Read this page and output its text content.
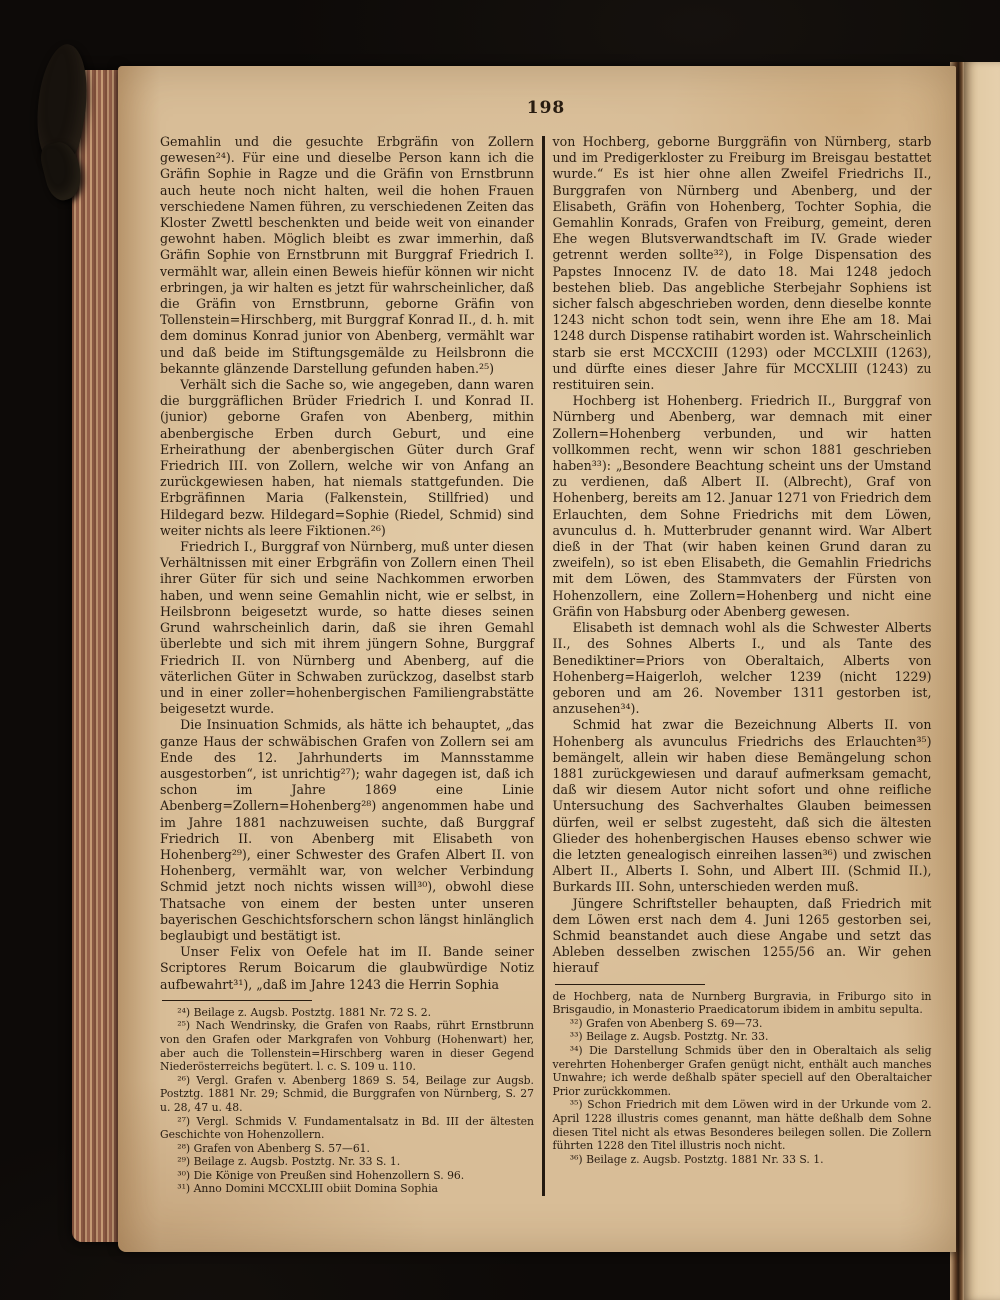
198

Gemahlin und die gesuchte Erbgräfin von Zollern gewesen²⁴). Für eine und dieselbe Person kann ich die Gräfin Sophie in Ragze und die Gräfin von Ernstbrunn auch heute noch nicht halten, weil die hohen Frauen verschiedene Namen führen, zu verschiedenen Zeiten das Kloster Zwettl beschenkten und beide weit von einander gewohnt haben. Möglich bleibt es zwar immerhin, daß Gräfin Sophie von Ernstbrunn mit Burggraf Friedrich I. vermählt war, allein einen Beweis hiefür können wir nicht erbringen, ja wir halten es jetzt für wahrscheinlicher, daß die Gräfin von Ernstbrunn, geborne Gräfin von Tollenstein=Hirschberg, mit Burggraf Konrad II., d. h. mit dem dominus Konrad junior von Abenberg, vermählt war und daß beide im Stiftungsgemälde zu Heilsbronn die bekannte glänzende Darstellung gefunden haben.²⁵)

Verhält sich die Sache so, wie angegeben, dann waren die burggräflichen Brüder Friedrich I. und Konrad II. (junior) geborne Grafen von Abenberg, mithin abenbergische Erben durch Geburt, und eine Erheirathung der abenbergischen Güter durch Graf Friedrich III. von Zollern, welche wir von Anfang an zurückgewiesen haben, hat niemals stattgefunden. Die Erbgräfinnen Maria (Falkenstein, Stillfried) und Hildegard bezw. Hildegard=Sophie (Riedel, Schmid) sind weiter nichts als leere Fiktionen.²⁶)

Friedrich I., Burggraf von Nürnberg, muß unter diesen Verhältnissen mit einer Erbgräfin von Zollern einen Theil ihrer Güter für sich und seine Nachkommen erworben haben, und wenn seine Gemahlin nicht, wie er selbst, in Heilsbronn beigesetzt wurde, so hatte dieses seinen Grund wahrscheinlich darin, daß sie ihren Gemahl überlebte und sich mit ihrem jüngern Sohne, Burggraf Friedrich II. von Nürnberg und Abenberg, auf die väterlichen Güter in Schwaben zurückzog, daselbst starb und in einer zoller=hohenbergischen Familiengrabstätte beigesetzt wurde.

Die Insinuation Schmids, als hätte ich behauptet, „das ganze Haus der schwäbischen Grafen von Zollern sei am Ende des 12. Jahrhunderts im Mannsstamme ausgestorben“, ist unrichtig²⁷); wahr dagegen ist, daß ich schon im Jahre 1869 eine Linie Abenberg=Zollern=Hohenberg²⁸) angenommen habe und im Jahre 1881 nachzuweisen suchte, daß Burggraf Friedrich II. von Abenberg mit Elisabeth von Hohenberg²⁹), einer Schwester des Grafen Albert II. von Hohenberg, vermählt war, von welcher Verbindung Schmid jetzt noch nichts wissen will³⁰), obwohl diese Thatsache von einem der besten unter unseren bayerischen Geschichtsforschern schon längst hinlänglich beglaubigt und bestätigt ist.

Unser Felix von Oefele hat im II. Bande seiner Scriptores Rerum Boicarum die glaubwürdige Notiz aufbewahrt³¹), „daß im Jahre 1243 die Herrin Sophia

²⁴) Beilage z. Augsb. Postztg. 1881 Nr. 72 S. 2.

²⁵) Nach Wendrinsky, die Grafen von Raabs, rührt Ernstbrunn von den Grafen oder Markgrafen von Vohburg (Hohenwart) her, aber auch die Tollenstein=Hirschberg waren in dieser Gegend Niederösterreichs begütert. l. c. S. 109 u. 110.

²⁶) Vergl. Grafen v. Abenberg 1869 S. 54, Beilage zur Augsb. Postztg. 1881 Nr. 29; Schmid, die Burggrafen von Nürnberg, S. 27 u. 28, 47 u. 48.

²⁷) Vergl. Schmids V. Fundamentalsatz in Bd. III der ältesten Geschichte von Hohenzollern.

²⁸) Grafen von Abenberg S. 57—61.

²⁹) Beilage z. Augsb. Postztg. Nr. 33 S. 1.

³⁰) Die Könige von Preußen sind Hohenzollern S. 96.

³¹) Anno Domini MCCXLIII obiit Domina Sophia

von Hochberg, geborne Burggräfin von Nürnberg, starb und im Predigerkloster zu Freiburg im Breisgau bestattet wurde.“ Es ist hier ohne allen Zweifel Friedrichs II., Burggrafen von Nürnberg und Abenberg, und der Elisabeth, Gräfin von Hohenberg, Tochter Sophia, die Gemahlin Konrads, Grafen von Freiburg, gemeint, deren Ehe wegen Blutsverwandtschaft im IV. Grade wieder getrennt werden sollte³²), in Folge Dispensation des Papstes Innocenz IV. de dato 18. Mai 1248 jedoch bestehen blieb. Das angebliche Sterbejahr Sophiens ist sicher falsch abgeschrieben worden, denn dieselbe konnte 1243 nicht schon todt sein, wenn ihre Ehe am 18. Mai 1248 durch Dispense ratihabirt worden ist. Wahrscheinlich starb sie erst MCCXCIII (1293) oder MCCLXIII (1263), und dürfte eines dieser Jahre für MCCXLIII (1243) zu restituiren sein.

Hochberg ist Hohenberg. Friedrich II., Burggraf von Nürnberg und Abenberg, war demnach mit einer Zollern=Hohenberg verbunden, und wir hatten vollkommen recht, wenn wir schon 1881 geschrieben haben³³): „Besondere Beachtung scheint uns der Umstand zu verdienen, daß Albert II. (Albrecht), Graf von Hohenberg, bereits am 12. Januar 1271 von Friedrich dem Erlauchten, dem Sohne Friedrichs mit dem Löwen, avunculus d. h. Mutterbruder genannt wird. War Albert dieß in der That (wir haben keinen Grund daran zu zweifeln), so ist eben Elisabeth, die Gemahlin Friedrichs mit dem Löwen, des Stammvaters der Fürsten von Hohenzollern, eine Zollern=Hohenberg und nicht eine Gräfin von Habsburg oder Abenberg gewesen.

Elisabeth ist demnach wohl als die Schwester Alberts II., des Sohnes Alberts I., und als Tante des Benediktiner=Priors von Oberaltaich, Alberts von Hohenberg=Haigerloh, welcher 1239 (nicht 1229) geboren und am 26. November 1311 gestorben ist, anzusehen³⁴).

Schmid hat zwar die Bezeichnung Alberts II. von Hohenberg als avunculus Friedrichs des Erlauchten³⁵) bemängelt, allein wir haben diese Bemängelung schon 1881 zurückgewiesen und darauf aufmerksam gemacht, daß wir diesem Autor nicht sofort und ohne reifliche Untersuchung des Sachverhaltes Glauben beimessen dürfen, weil er selbst zugesteht, daß sich die ältesten Glieder des hohenbergischen Hauses ebenso schwer wie die letzten genealogisch einreihen lassen³⁶) und zwischen Albert II., Alberts I. Sohn, und Albert III. (Schmid II.), Burkards III. Sohn, unterschieden werden muß.

Jüngere Schriftsteller behaupten, daß Friedrich mit dem Löwen erst nach dem 4. Juni 1265 gestorben sei, Schmid beanstandet auch diese Angabe und setzt das Ableben desselben zwischen 1255/56 an. Wir gehen hierauf

de Hochberg, nata de Nurnberg Burgravia, in Friburgo sito in Brisgaudio, in Monasterio Praedicatorum ibidem in ambitu sepulta.

³²) Grafen von Abenberg S. 69—73.

³³) Beilage z. Augsb. Postztg. Nr. 33.

³⁴) Die Darstellung Schmids über den in Oberaltaich als selig verehrten Hohenberger Grafen genügt nicht, enthält auch manches Unwahre; ich werde deßhalb später speciell auf den Oberaltaicher Prior zurückkommen.

³⁵) Schon Friedrich mit dem Löwen wird in der Urkunde vom 2. April 1228 illustris comes genannt, man hätte deßhalb dem Sohne diesen Titel nicht als etwas Besonderes beilegen sollen. Die Zollern führten 1228 den Titel illustris noch nicht.

³⁶) Beilage z. Augsb. Postztg. 1881 Nr. 33 S. 1.
